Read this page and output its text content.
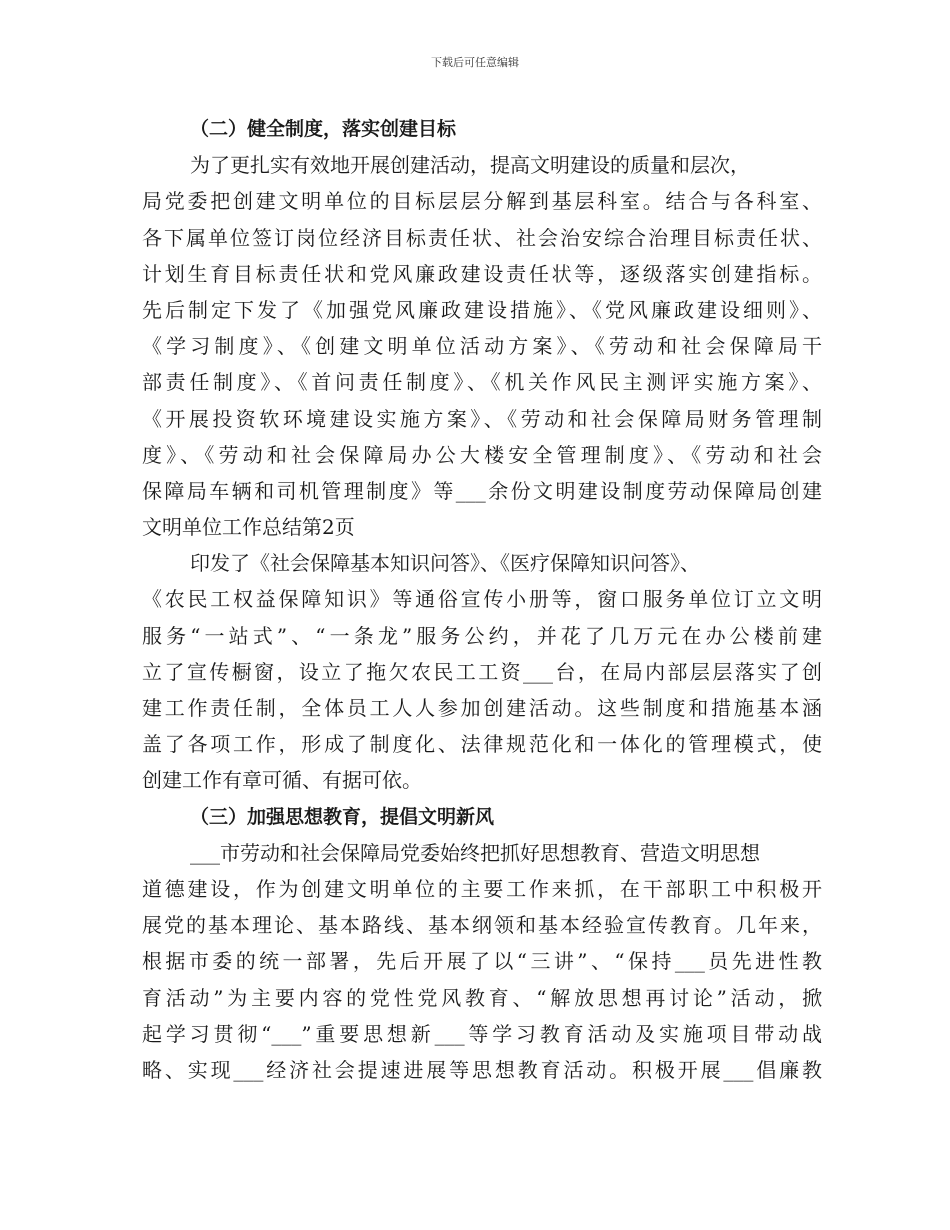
下载后可任意编辑
（二）健全制度，落实创建目标
为了更扎实有效地开展创建活动，提高文明建设的质量和层次，
局党委把创建文明单位的目标层层分解到基层科室。结合与各科室、
各下属单位签订岗位经济目标责任状、社会治安综合治理目标责任状、
计划生育目标责任状和党风廉政建设责任状等，逐级落实创建指标。
先后制定下发了《加强党风廉政建设措施》、《党风廉政建设细则》、
《学习制度》、《创建文明单位活动方案》、《劳动和社会保障局干
部责任制度》、《首问责任制度》、《机关作风民主测评实施方案》、
《开展投资软环境建设实施方案》、《劳动和社会保障局财务管理制
度》、《劳动和社会保障局办公大楼安全管理制度》、《劳动和社会
保障局车辆和司机管理制度》等___余份文明建设制度劳动保障局创建
文明单位工作总结第2页
印发了《社会保障基本知识问答》、《医疗保障知识问答》、
《农民工权益保障知识》等通俗宣传小册等，窗口服务单位订立文明
服务“一站式”、“一条龙”服务公约，并花了几万元在办公楼前建
立了宣传橱窗，设立了拖欠农民工工资___台，在局内部层层落实了创
建工作责任制，全体员工人人参加创建活动。这些制度和措施基本涵
盖了各项工作，形成了制度化、法律规范化和一体化的管理模式，使
创建工作有章可循、有据可依。
（三）加强思想教育，提倡文明新风
___市劳动和社会保障局党委始终把抓好思想教育、营造文明思想
道德建设，作为创建文明单位的主要工作来抓，在干部职工中积极开
展党的基本理论、基本路线、基本纲领和基本经验宣传教育。几年来，
根据市委的统一部署，先后开展了以“三讲”、“保持___员先进性教
育活动”为主要内容的党性党风教育、“解放思想再讨论”活动，掀
起学习贯彻“___”重要思想新___等学习教育活动及实施项目带动战
略、实现___经济社会提速进展等思想教育活动。积极开展___倡廉教
